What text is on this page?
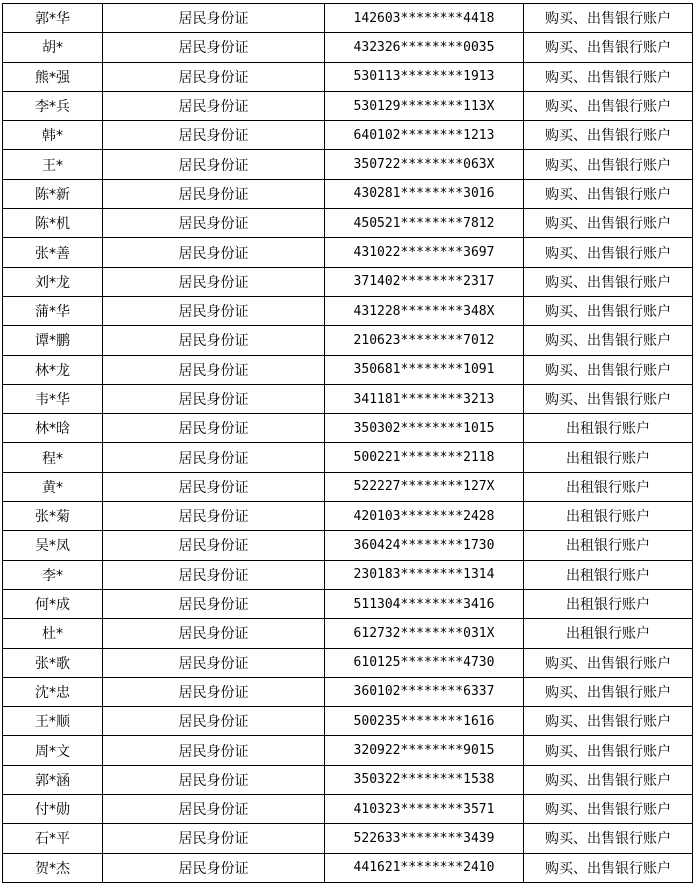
郭*华	居民身份证	142603********4418	购买、出售银行账户
胡*	居民身份证	432326********0035	购买、出售银行账户
熊*强	居民身份证	530113********1913	购买、出售银行账户
李*兵	居民身份证	530129********113X	购买、出售银行账户
韩*	居民身份证	640102********1213	购买、出售银行账户
王*	居民身份证	350722********063X	购买、出售银行账户
陈*新	居民身份证	430281********3016	购买、出售银行账户
陈*机	居民身份证	450521********7812	购买、出售银行账户
张*善	居民身份证	431022********3697	购买、出售银行账户
刘*龙	居民身份证	371402********2317	购买、出售银行账户
蒲*华	居民身份证	431228********348X	购买、出售银行账户
谭*鹏	居民身份证	210623********7012	购买、出售银行账户
林*龙	居民身份证	350681********1091	购买、出售银行账户
韦*华	居民身份证	341181********3213	购买、出售银行账户
林*晗	居民身份证	350302********1015	出租银行账户
程*	居民身份证	500221********2118	出租银行账户
黄*	居民身份证	522227********127X	出租银行账户
张*菊	居民身份证	420103********2428	出租银行账户
吴*凤	居民身份证	360424********1730	出租银行账户
李*	居民身份证	230183********1314	出租银行账户
何*成	居民身份证	511304********3416	出租银行账户
杜*	居民身份证	612732********031X	出租银行账户
张*歌	居民身份证	610125********4730	购买、出售银行账户
沈*忠	居民身份证	360102********6337	购买、出售银行账户
王*顺	居民身份证	500235********1616	购买、出售银行账户
周*文	居民身份证	320922********9015	购买、出售银行账户
郭*涵	居民身份证	350322********1538	购买、出售银行账户
付*勋	居民身份证	410323********3571	购买、出售银行账户
石*平	居民身份证	522633********3439	购买、出售银行账户
贺*杰	居民身份证	441621********2410	购买、出售银行账户
